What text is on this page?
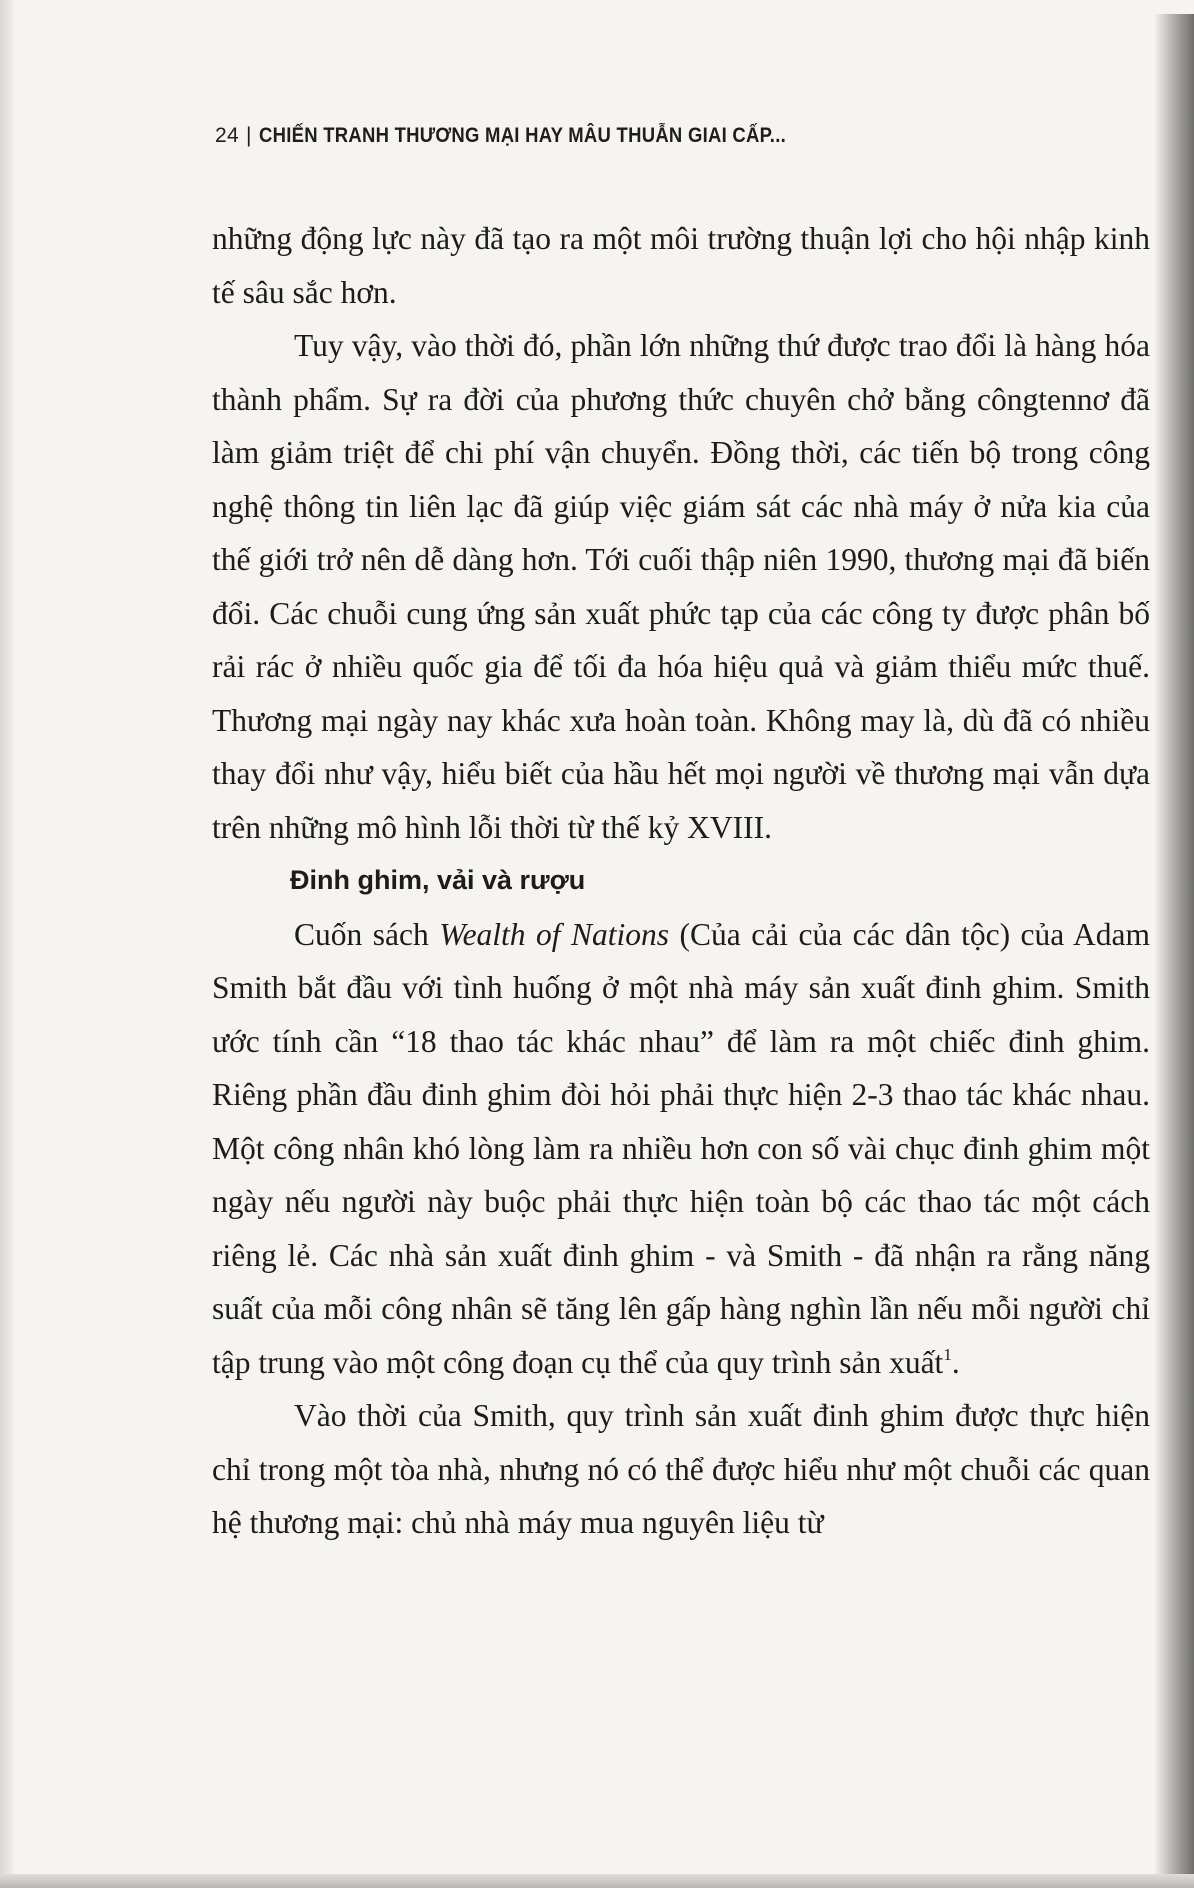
24 | CHIẾN TRANH THƯƠNG MẠI HAY MÂU THUẪN GIAI CẤP...

những động lực này đã tạo ra một môi trường thuận lợi cho hội nhập kinh tế sâu sắc hơn.

Tuy vậy, vào thời đó, phần lớn những thứ được trao đổi là hàng hóa thành phẩm. Sự ra đời của phương thức chuyên chở bằng côngtennơ đã làm giảm triệt để chi phí vận chuyển. Đồng thời, các tiến bộ trong công nghệ thông tin liên lạc đã giúp việc giám sát các nhà máy ở nửa kia của thế giới trở nên dễ dàng hơn. Tới cuối thập niên 1990, thương mại đã biến đổi. Các chuỗi cung ứng sản xuất phức tạp của các công ty được phân bố rải rác ở nhiều quốc gia để tối đa hóa hiệu quả và giảm thiểu mức thuế. Thương mại ngày nay khác xưa hoàn toàn. Không may là, dù đã có nhiều thay đổi như vậy, hiểu biết của hầu hết mọi người về thương mại vẫn dựa trên những mô hình lỗi thời từ thế kỷ XVIII.

Đinh ghim, vải và rượu

Cuốn sách Wealth of Nations (Của cải của các dân tộc) của Adam Smith bắt đầu với tình huống ở một nhà máy sản xuất đinh ghim. Smith ước tính cần “18 thao tác khác nhau” để làm ra một chiếc đinh ghim. Riêng phần đầu đinh ghim đòi hỏi phải thực hiện 2-3 thao tác khác nhau. Một công nhân khó lòng làm ra nhiều hơn con số vài chục đinh ghim một ngày nếu người này buộc phải thực hiện toàn bộ các thao tác một cách riêng lẻ. Các nhà sản xuất đinh ghim - và Smith - đã nhận ra rằng năng suất của mỗi công nhân sẽ tăng lên gấp hàng nghìn lần nếu mỗi người chỉ tập trung vào một công đoạn cụ thể của quy trình sản xuất$^1$.

Vào thời của Smith, quy trình sản xuất đinh ghim được thực hiện chỉ trong một tòa nhà, nhưng nó có thể được hiểu như một chuỗi các quan hệ thương mại: chủ nhà máy mua nguyên liệu từ
